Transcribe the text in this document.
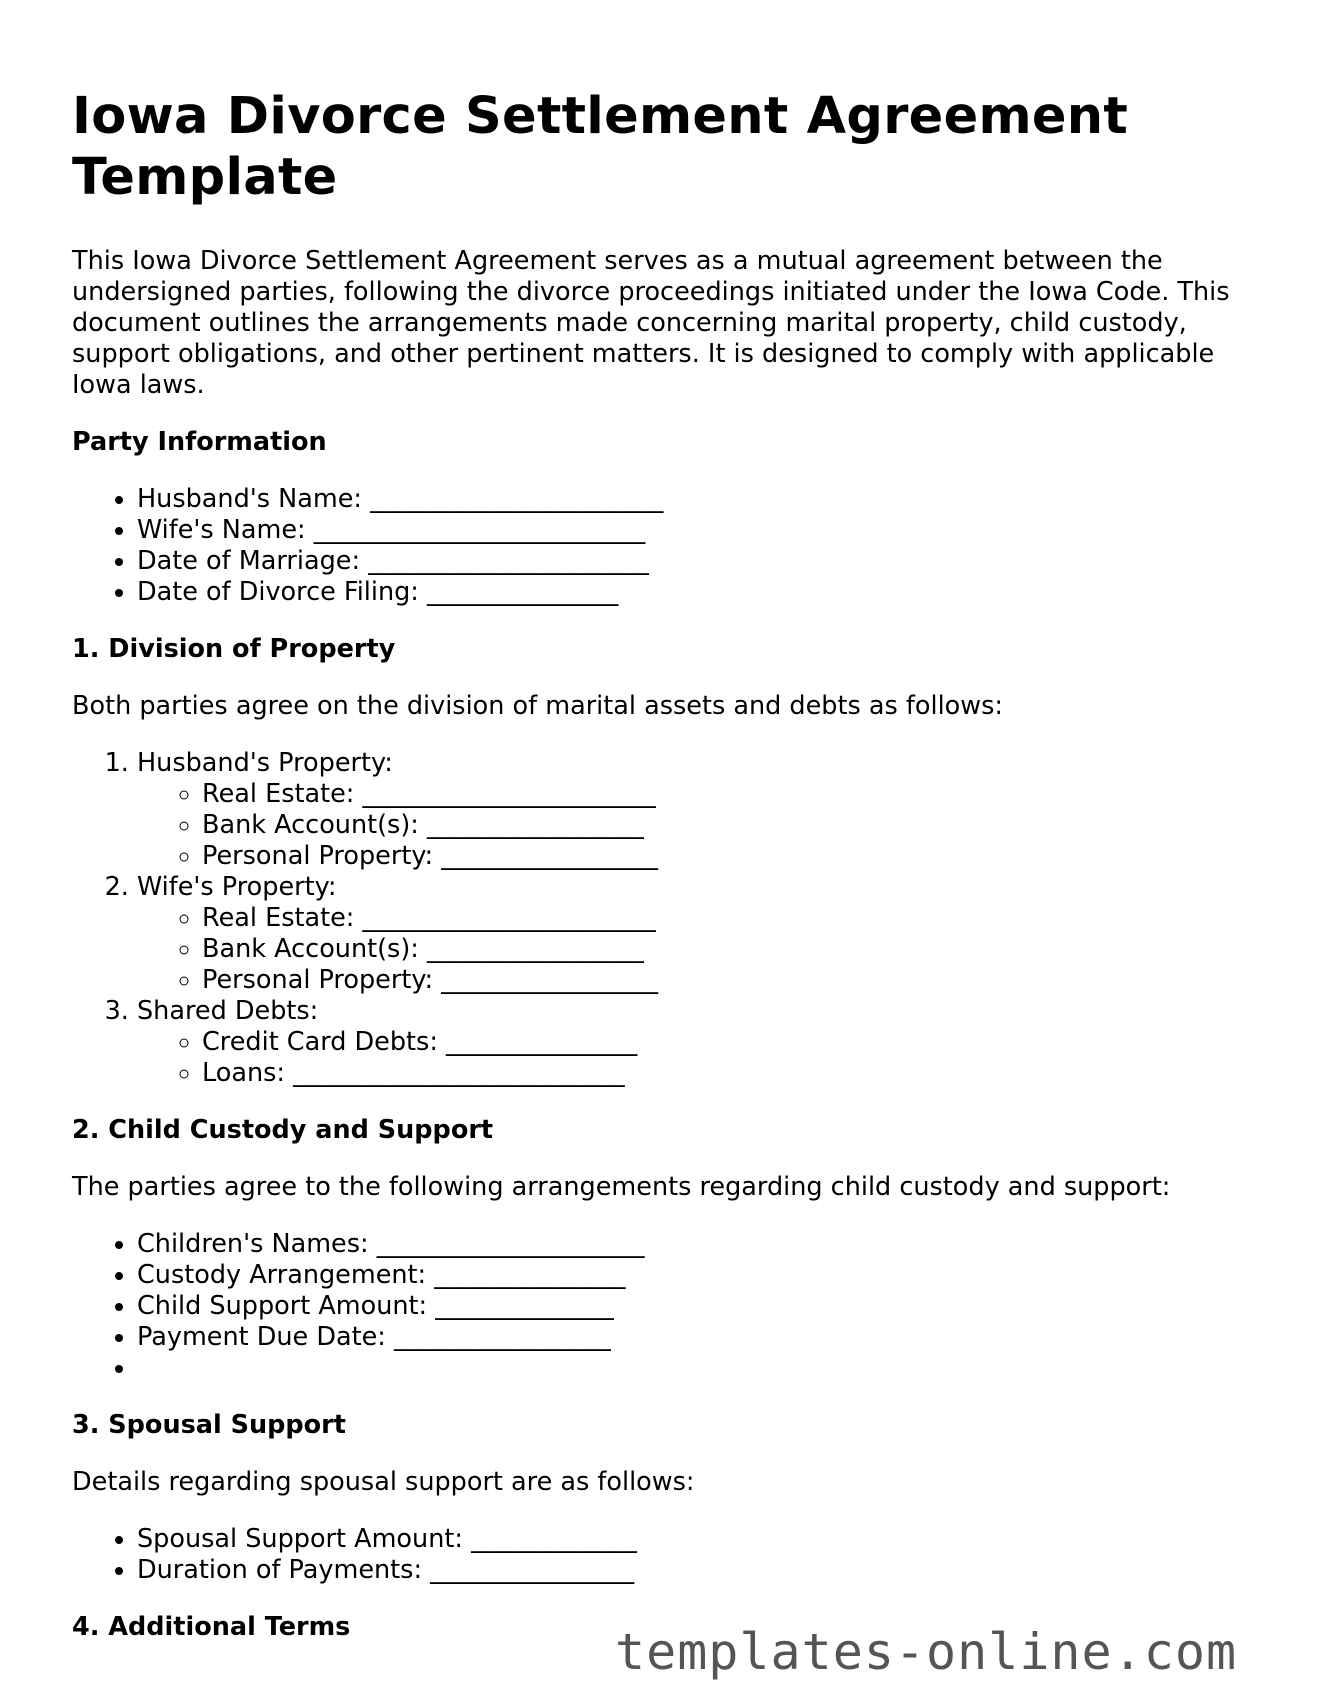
Iowa Divorce Settlement Agreement Template

This Iowa Divorce Settlement Agreement serves as a mutual agreement between the undersigned parties, following the divorce proceedings initiated under the Iowa Code. This document outlines the arrangements made concerning marital property, child custody, support obligations, and other pertinent matters. It is designed to comply with applicable Iowa laws.

Party Information
• Husband's Name: _______________________
• Wife's Name: __________________________
• Date of Marriage: ______________________
• Date of Divorce Filing: _______________
1. Division of Property

Both parties agree on the division of marital assets and debts as follows:

1. Husband's Property:
◦ Real Estate: _______________________
◦ Bank Account(s): _________________
◦ Personal Property: _________________
2. Wife's Property:
◦ Real Estate: _______________________
◦ Bank Account(s): _________________
◦ Personal Property: _________________
3. Shared Debts:
◦ Credit Card Debts: _______________
◦ Loans: __________________________
2. Child Custody and Support

The parties agree to the following arrangements regarding child custody and support:

• Children's Names: _____________________
• Custody Arrangement: _______________
• Child Support Amount: ______________
• Payment Due Date: _________________
•
3. Spousal Support

Details regarding spousal support are as follows:

• Spousal Support Amount: _____________
• Duration of Payments: ________________
4. Additional Terms	templates-online.com
